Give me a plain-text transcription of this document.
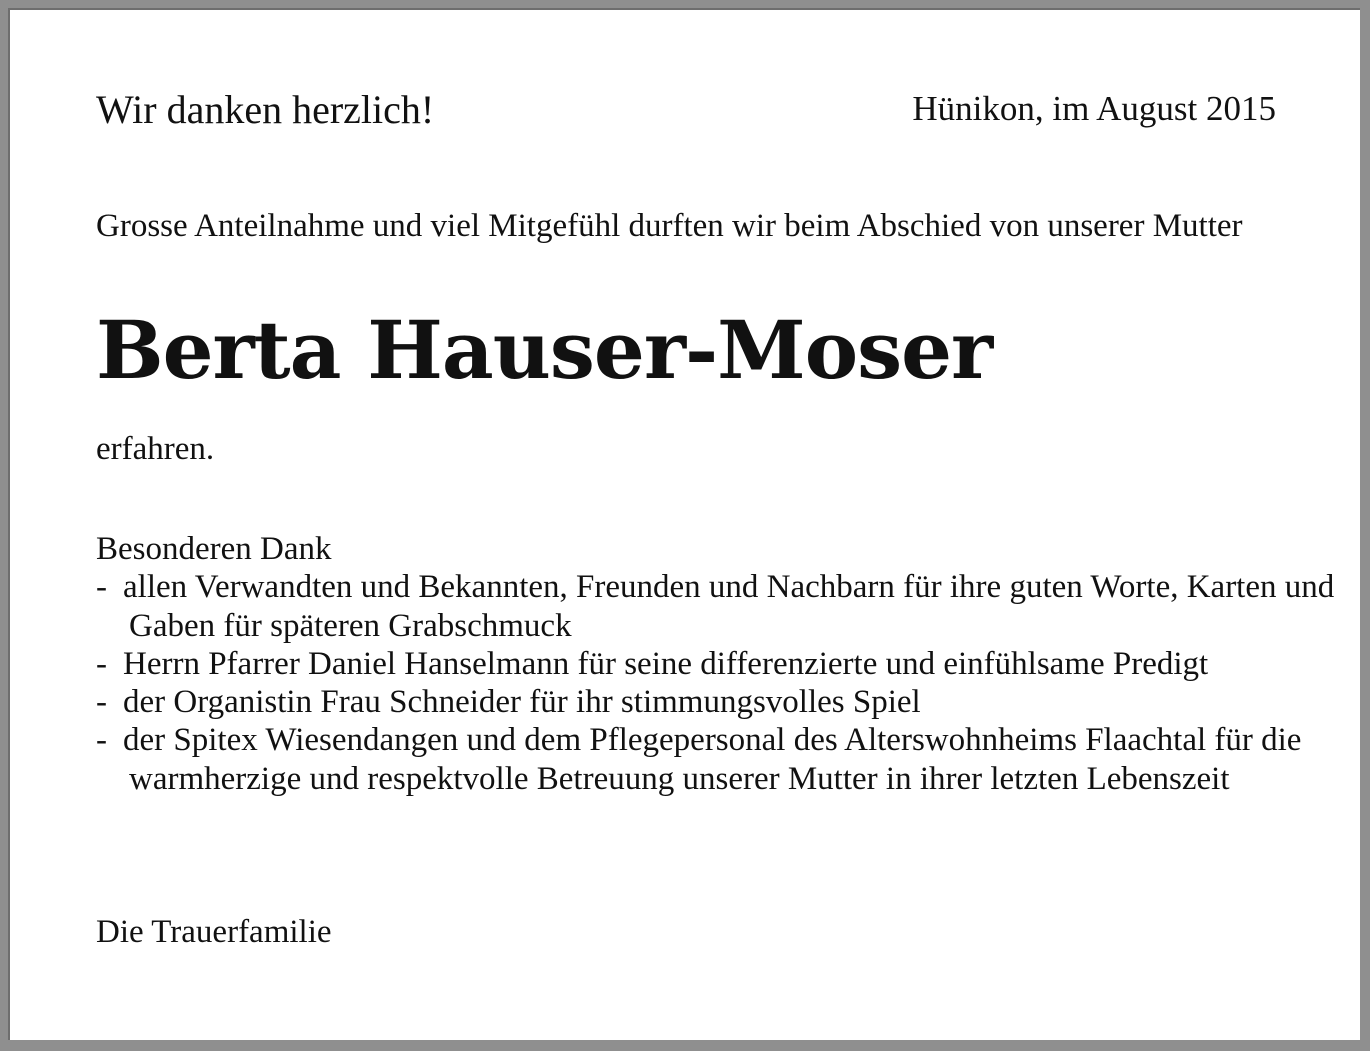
Wir danken herzlich!	Hünikon, im August 2015
Grosse Anteilnahme und viel Mitgefühl durften wir beim Abschied von unserer Mutter
Berta Hauser-Moser
erfahren.
Besonderen Dank
- allen Verwandten und Bekannten, Freunden und Nachbarn für ihre guten Worte, Karten und Gaben für späteren Grabschmuck
- Herrn Pfarrer Daniel Hanselmann für seine differenzierte und einfühlsame Predigt
- der Organistin Frau Schneider für ihr stimmungsvolles Spiel
- der Spitex Wiesendangen und dem Pflegepersonal des Alterswohnheims Flaachtal für die warmherzige und respektvolle Betreuung unserer Mutter in ihrer letzten Lebenszeit
Die Trauerfamilie
